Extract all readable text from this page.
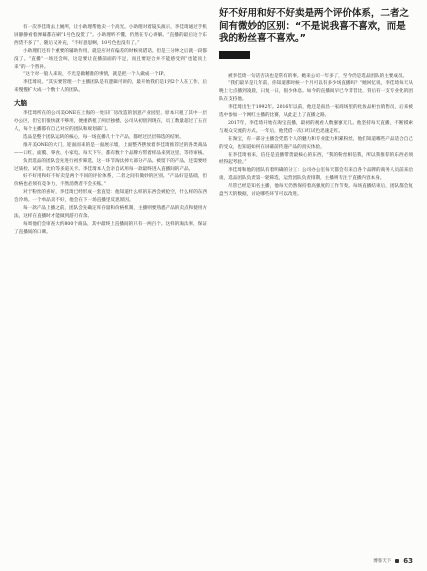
有一次李佳琦去上厕所，让小助理帮他卖一个高光。小助理对着镜头演示，李佳琦通过手机屏静静看着弹幕都在刷“1号色没货了”。小助理听不懂，仍然在专心讲解。“直播的最后这个东西货不多了”，随后又补充，“不好意思啊，10号色也没有了。”

小助理们还有个重要的辅助作用，就是应对有偏差的时候说错话。但是三分钟之后就一段都没了。“直播”一场还会叫，这是要让直播前面的不足，而且要迎合并不能感受到“也能顶上来”的一个替补。

“这个对一般人来说，不光是做精准的事情，就是把一个人做成一个IP。

李佳琦说，“其实要管理一个主播团队是有逻辑可讲的，最开始我们是1到2个人在工作，后来慢慢扩大成一个数十人的团队。

大脑

李佳琦所在的公司美ONE在上海的一处旧厂房改造的创意产业园里，原本只租了其中一层办公区，但它们很快就不够用，便重新租了两层独楼。公司从初创到现在，员工数量超过了五百人，每个主播都有自己对应的团队和规划部门。

选品是整个团队运转的核心，每一场直播几十个产品，都经过层层筛选的结果。

推开美ONE的大门，迎面而来的是一面展示墙，上面整齐摆放着李佳琦推荐过的各类商品——口红、面膜、零食、小家电。每天下午，都有数十个品牌方带着样品来到这里，等待审核。

负责选品的团队会先进行初步筛选，这一环节淘汰掉大部分产品。被留下的产品，还需要经过质检、试用、比价等多道关卡。李佳琦本人会亲自试用每一款最终进入直播间的产品。

好不好用和好不好卖是两个不同的评价体系，二者之间有微妙的区别。“产品好是基础，但价格也必须有竞争力，不然消费者不会买账。”

对于粉丝的喜好，李佳琦已经形成一套直觉：他知道什么样的东西会被抢空，什么样的东西会冷场。一个单品卖不好，他会在下一场直播里反思原因。

每一款产品上播之前，团队会先确定库存量和价格机制，主播则要熟悉产品的卖点和使用方法，这样在直播时才能做到游刃有余。

每周他们会审查大约800个商品，其中最终上直播间的只有一两百个。这样的淘汰率，保证了直播间的口碑。

好不好用和好不好卖是两个评价体系，二者之间有微妙的区别：“不是说我喜不喜欢，而是我的粉丝喜不喜欢。”

被李佳琦一句话否决也是常有的事。她来公司一年多了，至今仍是选品团队的主要成员。

“我们最早是几年前，你知道那时候一个月可以有多少场直播吗？”她回忆说，李佳琦每天从晚上七点播到凌晨，日复一日，很少休息。如今的直播间早已今非昔比，背后有一支专业化的团队在支持他。

李佳琦出生于1992年。2016年以前，他还是南昌一家商场里的化妆品柜台销售员，后来被选中参加一个网红主播的比赛，从此走上了直播之路。

2017年，李佳琦开始在淘宝直播，最初的观看人数寥寥无几。他坚持每天直播，不断摸索与观众交流的方式。一年后，他凭借一次口红试色迅速走红。

在淘宝，有一部分主播会凭借个人的魅力和专业能力积累粉丝，他们知道哪些产品适合自己的受众，也知道如何在屏幕前传递产品的真实体验。

在李佳琦看来，信任是直播带货最核心的东西，“我的粉丝相信我，所以我推荐的东西必须经得起考验。”

李佳琦和他的团队有着明确的分工：公司办公室每天都会有来自各个品牌的商务人员前来洽谈，选品团队负责第一轮筛选，运营团队负责排期，主播则专注于直播内容本身。

尽管已经是知名主播，他每天仍然保持着高强度的工作节奏。每场直播结束后，团队都会复盘当天的数据，讨论哪些环节可以改进。

博客天下 63
